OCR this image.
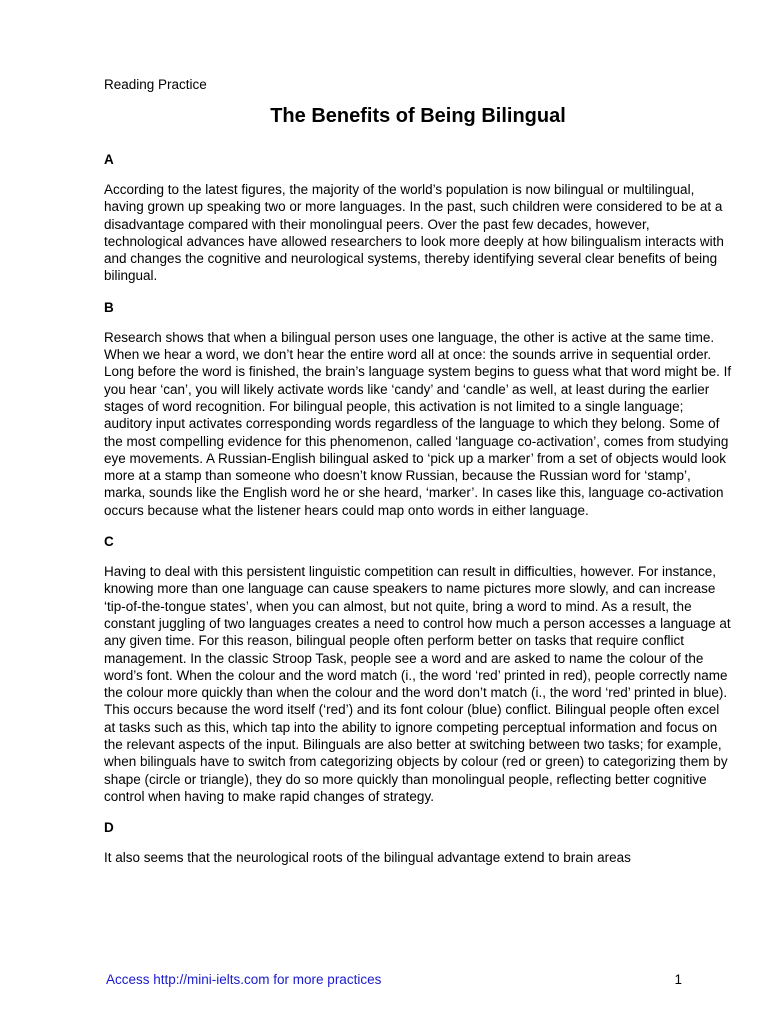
Reading Practice
The Benefits of Being Bilingual
A
According to the latest figures, the majority of the world’s population is now bilingual or multilingual, having grown up speaking two or more languages. In the past, such children were considered to be at a disadvantage compared with their monolingual peers. Over the past few decades, however, technological advances have allowed researchers to look more deeply at how bilingualism interacts with and changes the cognitive and neurological systems, thereby identifying several clear benefits of being bilingual.
B
Research shows that when a bilingual person uses one language, the other is active at the same time. When we hear a word, we don’t hear the entire word all at once: the sounds arrive in sequential order. Long before the word is finished, the brain’s language system begins to guess what that word might be. If you hear ‘can’, you will likely activate words like ‘candy’ and ‘candle’ as well, at least during the earlier stages of word recognition. For bilingual people, this activation is not limited to a single language; auditory input activates corresponding words regardless of the language to which they belong. Some of the most compelling evidence for this phenomenon, called ‘language co-activation’, comes from studying eye movements. A Russian-English bilingual asked to ‘pick up a marker’ from a set of objects would look more at a stamp than someone who doesn’t know Russian, because the Russian word for ‘stamp’, marka, sounds like the English word he or she heard, ‘marker’. In cases like this, language co-activation occurs because what the listener hears could map onto words in either language.
C
Having to deal with this persistent linguistic competition can result in difficulties, however. For instance, knowing more than one language can cause speakers to name pictures more slowly, and can increase ‘tip-of-the-tongue states’, when you can almost, but not quite, bring a word to mind. As a result, the constant juggling of two languages creates a need to control how much a person accesses a language at any given time. For this reason, bilingual people often perform better on tasks that require conflict management. In the classic Stroop Task, people see a word and are asked to name the colour of the word’s font. When the colour and the word match (i., the word ‘red’ printed in red), people correctly name the colour more quickly than when the colour and the word don’t match (i., the word ‘red’ printed in blue). This occurs because the word itself (‘red’) and its font colour (blue) conflict. Bilingual people often excel at tasks such as this, which tap into the ability to ignore competing perceptual information and focus on the relevant aspects of the input. Bilinguals are also better at switching between two tasks; for example, when bilinguals have to switch from categorizing objects by colour (red or green) to categorizing them by shape (circle or triangle), they do so more quickly than monolingual people, reflecting better cognitive control when having to make rapid changes of strategy.
D
It also seems that the neurological roots of the bilingual advantage extend to brain areas
Access http://mini-ielts.com for more practices	1
